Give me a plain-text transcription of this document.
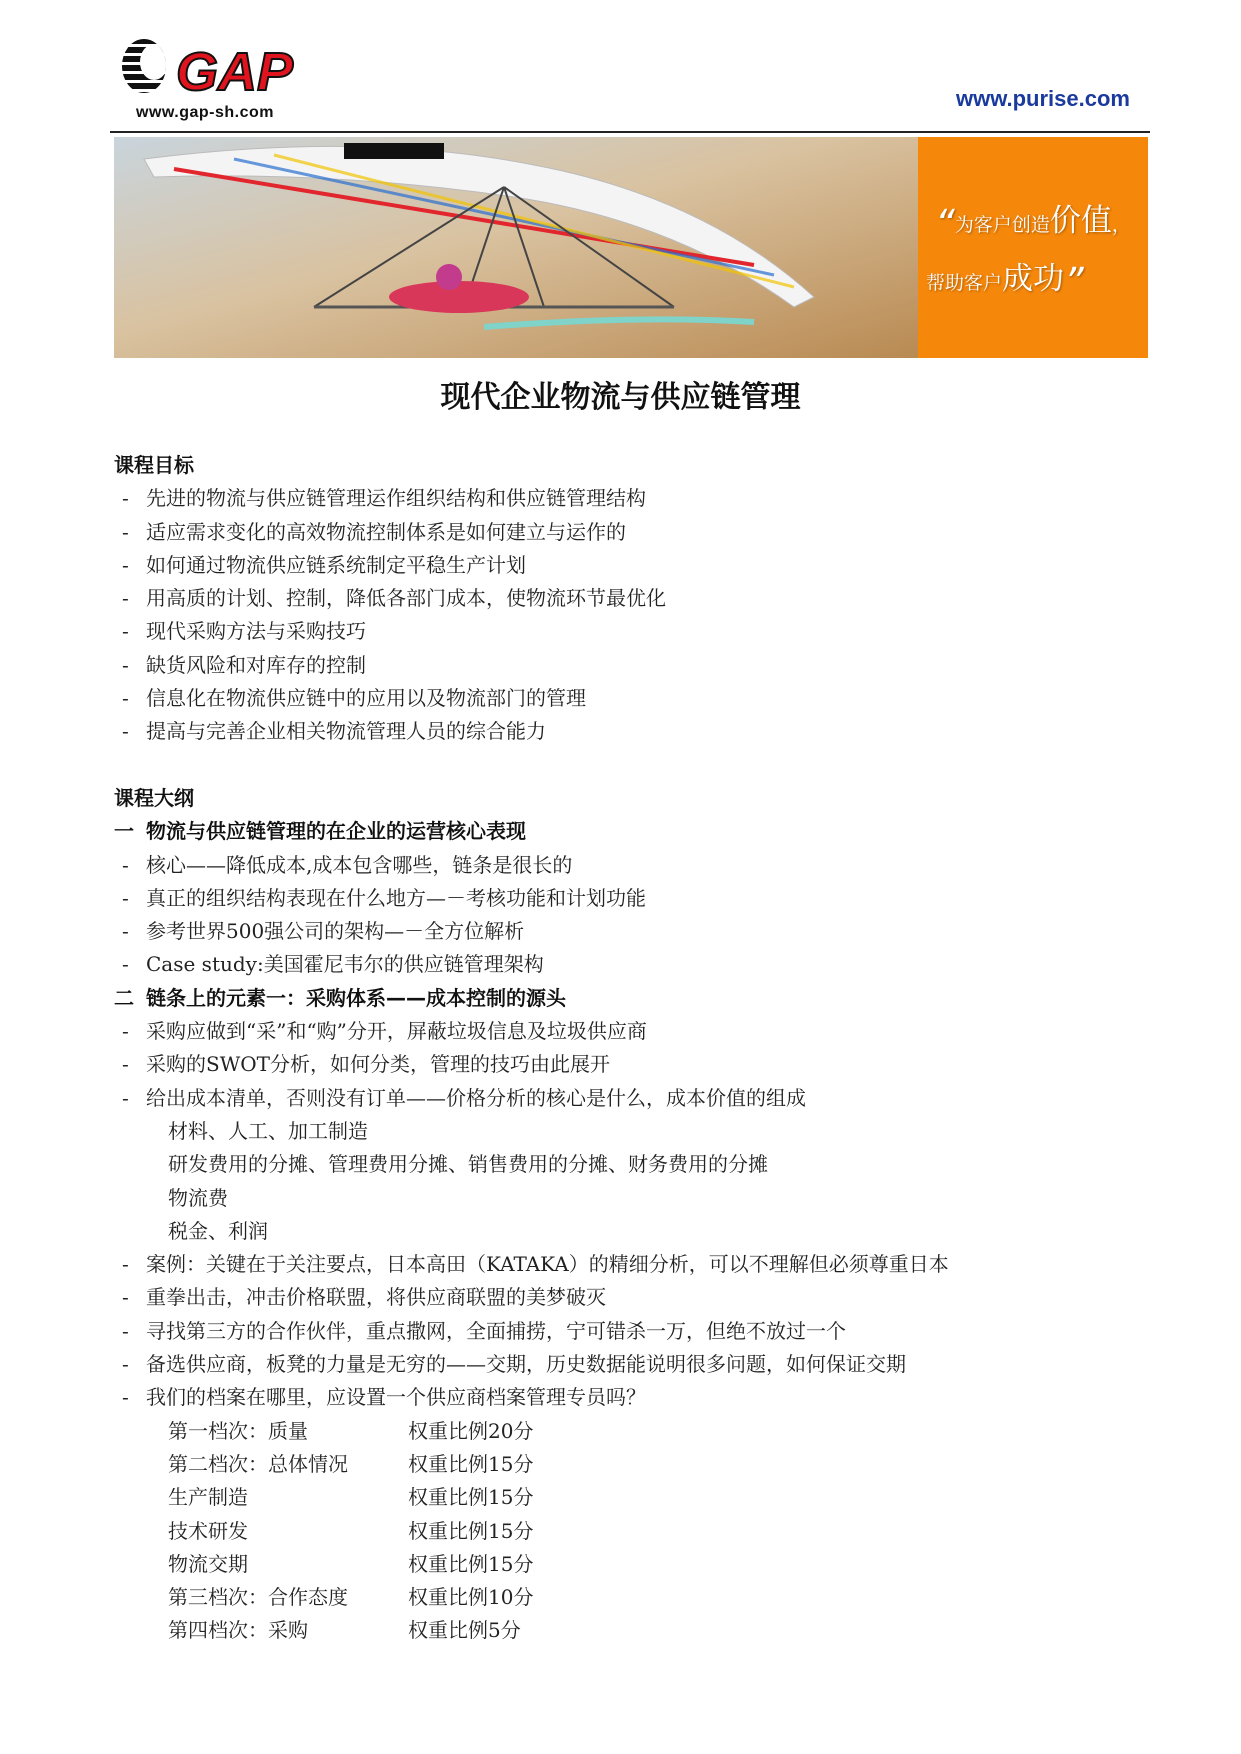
GAP
www.gap-sh.com
www.purise.com
“为客户创造价值，
帮助客户成功”
现代企业物流与供应链管理
课程目标
- 先进的物流与供应链管理运作组织结构和供应链管理结构
- 适应需求变化的高效物流控制体系是如何建立与运作的
- 如何通过物流供应链系统制定平稳生产计划
- 用高质的计划、控制，降低各部门成本，使物流环节最优化
- 现代采购方法与采购技巧
- 缺货风险和对库存的控制
- 信息化在物流供应链中的应用以及物流部门的管理
- 提高与完善企业相关物流管理人员的综合能力
课程大纲
一 物流与供应链管理的在企业的运营核心表现
- 核心——降低成本,成本包含哪些，链条是很长的
- 真正的组织结构表现在什么地方—－考核功能和计划功能
- 参考世界500强公司的架构—－全方位解析
- Case study:美国霍尼韦尔的供应链管理架构
二 链条上的元素一：采购体系——成本控制的源头
- 采购应做到“采”和“购”分开，屏蔽垃圾信息及垃圾供应商
- 采购的SWOT分析，如何分类，管理的技巧由此展开
- 给出成本清单，否则没有订单——价格分析的核心是什么，成本价值的组成
材料、人工、加工制造
研发费用的分摊、管理费用分摊、销售费用的分摊、财务费用的分摊
物流费
税金、利润
- 案例：关键在于关注要点，日本高田（KATAKA）的精细分析，可以不理解但必须尊重日本
- 重拳出击，冲击价格联盟，将供应商联盟的美梦破灭
- 寻找第三方的合作伙伴，重点撒网，全面捕捞，宁可错杀一万，但绝不放过一个
- 备选供应商，板凳的力量是无穷的——交期，历史数据能说明很多问题，如何保证交期
- 我们的档案在哪里，应设置一个供应商档案管理专员吗？
第一档次：质量	权重比例20分
第二档次：总体情况	权重比例15分
生产制造	权重比例15分
技术研发	权重比例15分
物流交期	权重比例15分
第三档次：合作态度	权重比例10分
第四档次：采购	权重比例5分
